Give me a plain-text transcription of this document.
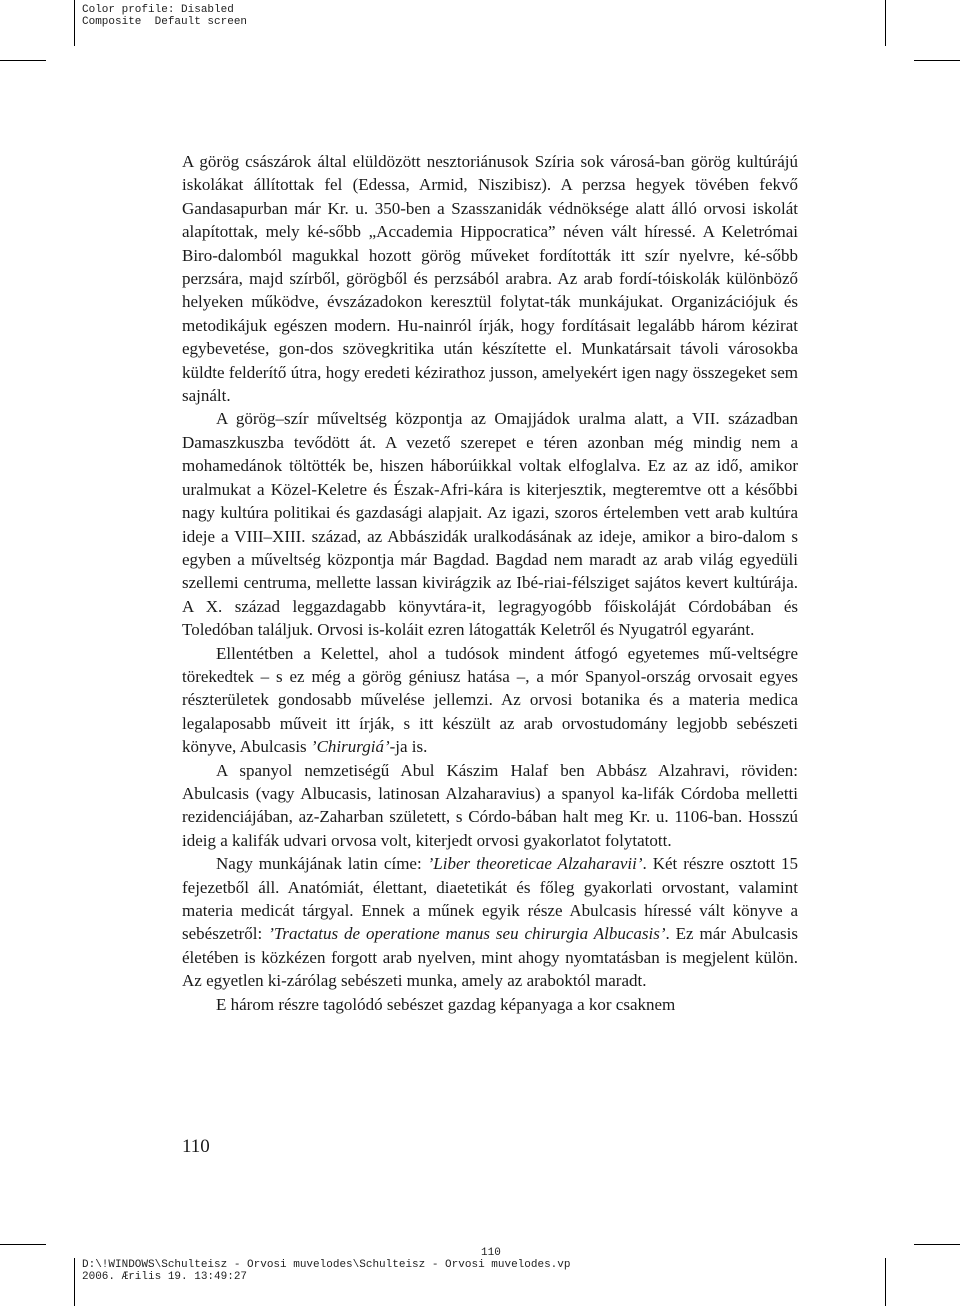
Color profile: Disabled
Composite  Default screen

A görög császárok által elüldözött nesztoriánusok Szíria sok városá-ban görög kultúrájú iskolákat állítottak fel (Edessa, Armid, Niszibisz). A perzsa hegyek tövében fekvő Gandasapurban már Kr. u. 350-ben a Szasszanidák védnöksége alatt álló orvosi iskolát alapítottak, mely ké-sőbb „Accademia Hippocratica” néven vált híressé. A Keletrómai Biro-dalomból magukkal hozott görög műveket fordították itt szír nyelvre, ké-sőbb perzsára, majd szírből, görögből és perzsából arabra. Az arab fordí-tóiskolák különböző helyeken működve, évszázadokon keresztül folytat-ták munkájukat. Organizációjuk és metodikájuk egészen modern. Hu-nainról írják, hogy fordításait legalább három kézirat egybevetése, gon-dos szövegkritika után készítette el. Munkatársait távoli városokba küldte felderítő útra, hogy eredeti kézirathoz jusson, amelyekért igen nagy összegeket sem sajnált.

A görög–szír műveltség központja az Omajjádok uralma alatt, a VII. században Damaszkuszba tevődött át. A vezető szerepet e téren azonban még mindig nem a mohamedánok töltötték be, hiszen háborúikkal voltak elfoglalva. Ez az az idő, amikor uralmukat a Közel-Keletre és Észak-Afri-kára is kiterjesztik, megteremtve ott a későbbi nagy kultúra politikai és gazdasági alapjait. Az igazi, szoros értelemben vett arab kultúra ideje a VIII–XIII. század, az Abbászidák uralkodásának az ideje, amikor a biro-dalom s egyben a műveltség központja már Bagdad. Bagdad nem maradt az arab világ egyedüli szellemi centruma, mellette lassan kivirágzik az Ibé-riai-félsziget sajátos kevert kultúrája. A X. század leggazdagabb könyvtára-it, legragyogóbb főiskoláját Córdobában és Toledóban találjuk. Orvosi is-koláit ezren látogatták Keletről és Nyugatról egyaránt.

Ellentétben a Kelettel, ahol a tudósok mindent átfogó egyetemes mű-veltségre törekedtek – s ez még a görög géniusz hatása –, a mór Spanyol-ország orvosait egyes részterületek gondosabb művelése jellemzi. Az orvosi botanika és a materia medica legalaposabb műveit itt írják, s itt készült az arab orvostudomány legjobb sebészeti könyve, Abulcasis ’Chirurgiá’-ja is.

A spanyol nemzetiségű Abul Kászim Halaf ben Abbász Alzahravi, röviden: Abulcasis (vagy Albucasis, latinosan Alzaharavius) a spanyol ka-lifák Córdoba melletti rezidenciájában, az-Zaharban született, s Córdo-bában halt meg Kr. u. 1106-ban. Hosszú ideig a kalifák udvari orvosa volt, kiterjedt orvosi gyakorlatot folytatott.

Nagy munkájának latin címe: ’Liber theoreticae Alzaharavii’. Két részre osztott 15 fejezetből áll. Anatómiát, élettant, diaetetikát és főleg gyakorlati orvostant, valamint materia medicát tárgyal. Ennek a műnek egyik része Abulcasis híressé vált könyve a sebészetről: ’Tractatus de operatione manus seu chirurgia Albucasis’. Ez már Abulcasis életében is közkézen forgott arab nyelven, mint ahogy nyomtatásban is megjelent külön. Az egyetlen ki-zárólag sebészeti munka, amely az araboktól maradt.

E három részre tagolódó sebészet gazdag képanyaga a kor csaknem

110
110
D:\!WINDOWS\Schulteisz - Orvosi muvelodes\Schulteisz - Orvosi muvelodes.vp
2006. Ærilis 19. 13:49:27
